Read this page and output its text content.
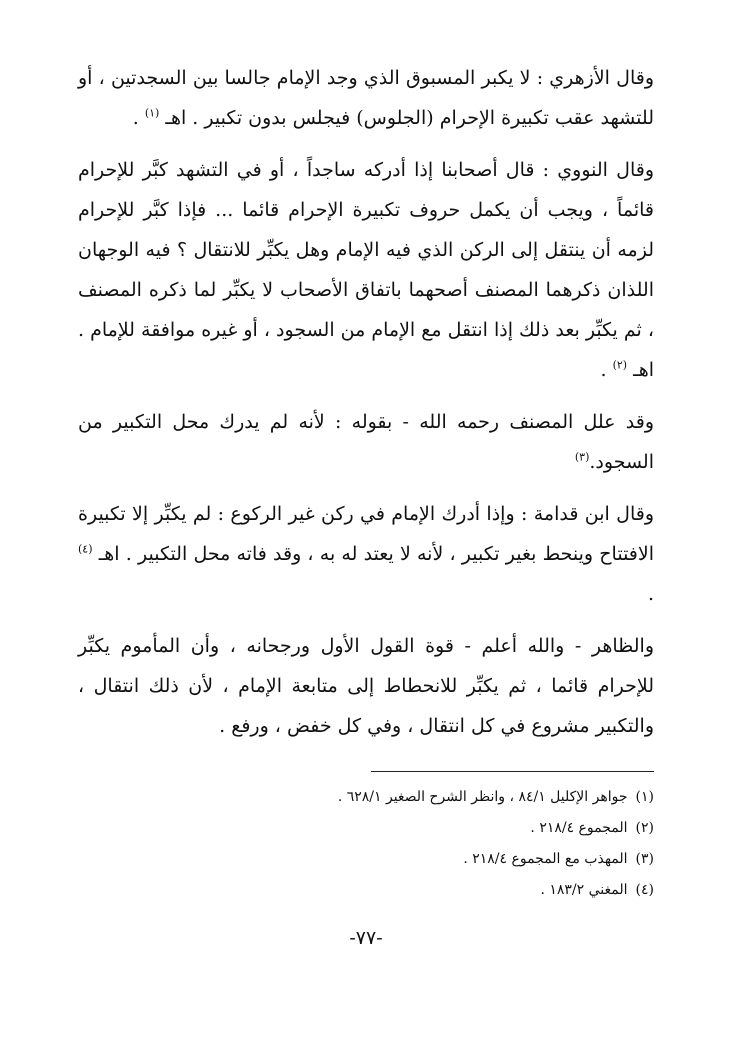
وقال الأزهري : لا يكبر المسبوق الذي وجد الإمام جالسا بين السجدتين ، أو للتشهد عقب تكبيرة الإحرام (الجلوس) فيجلس بدون تكبير . اهـ $^{(١)}$ .

وقال النووي : قال أصحابنا إذا أدركه ساجداً ، أو في التشهد كبَّر للإحرام قائماً ، ويجب أن يكمل حروف تكبيرة الإحرام قائما ... فإذا كبَّر للإحرام لزمه أن ينتقل إلى الركن الذي فيه الإمام وهل يكبِّر للانتقال ؟ فيه الوجهان اللذان ذكرهما المصنف أصحهما باتفاق الأصحاب لا يكبِّر لما ذكره المصنف ، ثم يكبِّر بعد ذلك إذا انتقل مع الإمام من السجود ، أو غيره موافقة للإمام . اهـ $^{(٢)}$ .

وقد علل المصنف رحمه الله - بقوله : لأنه لم يدرك محل التكبير من السجود.$^{(٣)}$

وقال ابن قدامة : وإذا أدرك الإمام في ركن غير الركوع : لم يكبِّر إلا تكبيرة الافتتاح وينحط بغير تكبير ، لأنه لا يعتد له به ، وقد فاته محل التكبير . اهـ $^{(٤)}$ .

والظاهر - والله أعلم - قوة القول الأول ورجحانه ، وأن المأموم يكبِّر للإحرام قائما ، ثم يكبِّر للانحطاط إلى متابعة الإمام ، لأن ذلك انتقال ، والتكبير مشروع في كل انتقال ، وفي كل خفض ، ورفع .

(١)جواهر الإكليل ٨٤/١ ، وانظر الشرح الصغير ٦٢٨/١ .

(٢)المجموع ٢١٨/٤ .

(٣)المهذب مع المجموع ٢١٨/٤ .

(٤)المغني ١٨٣/٢ .

-٧٧-
